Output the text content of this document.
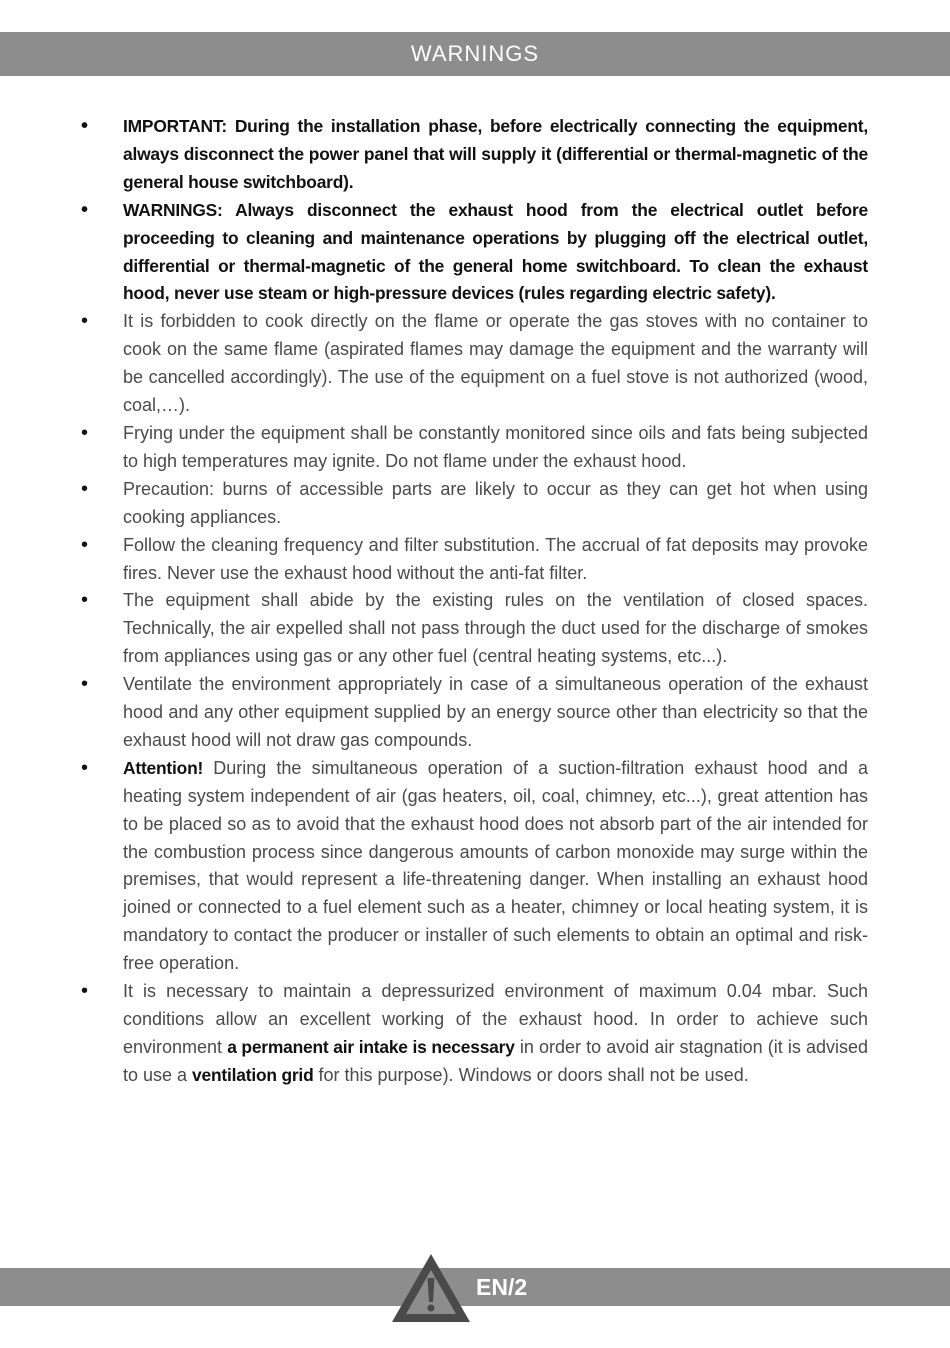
WARNINGS
• IMPORTANT: During the installation phase, before electrically connecting the equipment, always disconnect the power panel that will supply it (differential or thermal-magnetic of the general house switchboard).
• WARNINGS: Always disconnect the exhaust hood from the electrical outlet before proceeding to cleaning and maintenance operations by plugging off the electrical outlet, differential or thermal-magnetic of the general home switchboard. To clean the exhaust hood, never use steam or high-pressure devices (rules regarding electric safety).
• It is forbidden to cook directly on the flame or operate the gas stoves with no container to cook on the same flame (aspirated flames may damage the equipment and the warranty will be cancelled accordingly). The use of the equipment on a fuel stove is not authorized (wood, coal,…).
• Frying under the equipment shall be constantly monitored since oils and fats being subjected to high temperatures may ignite. Do not flame under the exhaust hood.
• Precaution: burns of accessible parts are likely to occur as they can get hot when using cooking appliances.
• Follow the cleaning frequency and filter substitution. The accrual of fat deposits may provoke fires. Never use the exhaust hood without the anti-fat filter.
• The equipment shall abide by the existing rules on the ventilation of closed spaces. Technically, the air expelled shall not pass through the duct used for the discharge of smokes from appliances using gas or any other fuel (central heating systems, etc...).
• Ventilate the environment appropriately in case of a simultaneous operation of the exhaust hood and any other equipment supplied by an energy source other than electricity so that the exhaust hood will not draw gas compounds.
• Attention! During the simultaneous operation of a suction-filtration exhaust hood and a heating system independent of air (gas heaters, oil, coal, chimney, etc...), great attention has to be placed so as to avoid that the exhaust hood does not absorb part of the air intended for the combustion process since dangerous amounts of carbon monoxide may surge within the premises, that would represent a life-threatening danger. When installing an exhaust hood joined or connected to a fuel element such as a heater, chimney or local heating system, it is mandatory to contact the producer or installer of such elements to obtain an optimal and risk-free operation.
• It is necessary to maintain a depressurized environment of maximum 0.04 mbar. Such conditions allow an excellent working of the exhaust hood. In order to achieve such environment a permanent air intake is necessary in order to avoid air stagnation (it is advised to use a ventilation grid for this purpose). Windows or doors shall not be used.
EN/2
